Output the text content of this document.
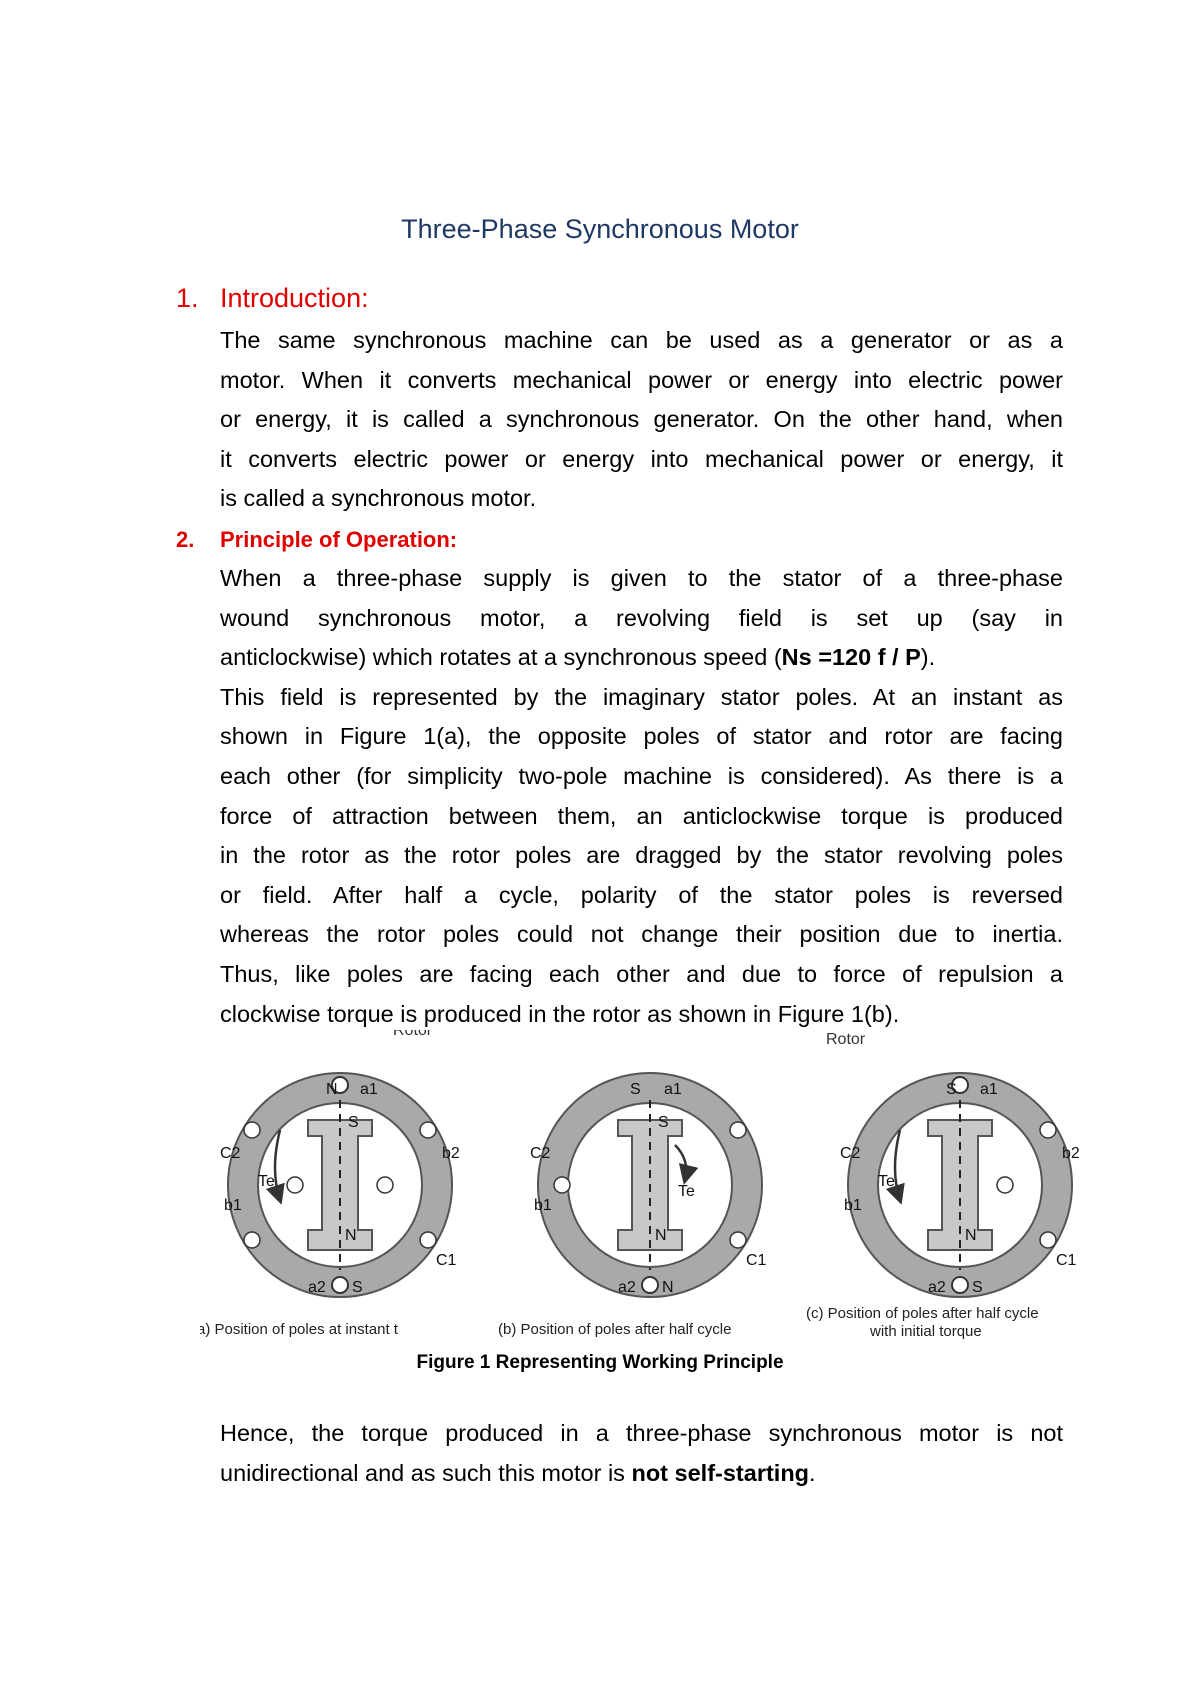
Three-Phase Synchronous Motor
1. Introduction:
The same synchronous machine can be used as a generator or as a
motor. When it converts mechanical power or energy into electric power
or energy, it is called a synchronous generator. On the other hand, when
it converts electric power or energy into mechanical power or energy, it
is called a synchronous motor.
2. Principle of Operation:
When a three-phase supply is given to the stator of a three-phase
wound synchronous motor, a revolving field is set up (say in
anticlockwise) which rotates at a synchronous speed (Ns =120 f / P).
This field is represented by the imaginary stator poles. At an instant as
shown in Figure 1(a), the opposite poles of stator and rotor are facing
each other (for simplicity two-pole machine is considered). As there is a
force of attraction between them, an anticlockwise torque is produced
in the rotor as the rotor poles are dragged by the stator revolving poles
or field. After half a cycle, polarity of the stator poles is reversed
whereas the rotor poles could not change their position due to inertia.
Thus, like poles are facing each other and due to force of repulsion a
clockwise torque is produced in the rotor as shown in Figure 1(b).
N a1
S
N
a2 S
C2	b2
b1
C1
Te
Rotor
(a) Position of poles at instant t
S a1
S
N
a2 N
C2
b1
C1
Te
(b) Position of poles after half cycle
S a1
N
a2 S
C2	b2
b1
C1
Te
Rotor
(c) Position of poles after half cycle
with initial torque
Figure 1 Representing Working Principle
Hence, the torque produced in a three-phase synchronous motor is not
unidirectional and as such this motor is not self-starting.
